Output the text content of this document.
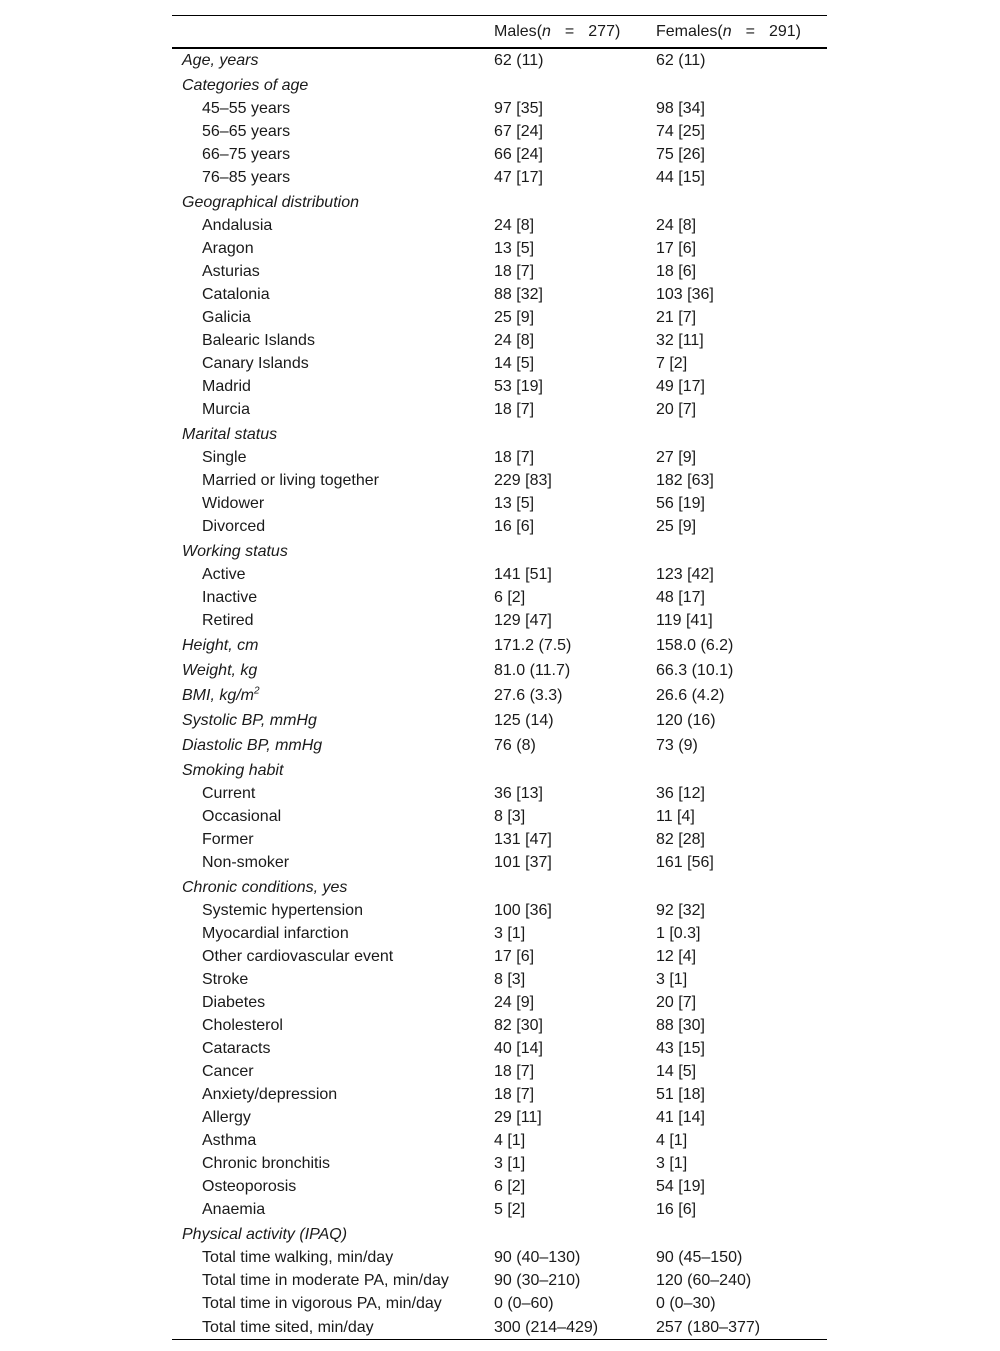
	Males(n = 277)	Females(n = 291)
Age, years	62 (11)	62 (11)
Categories of age		
45–55 years	97 [35]	98 [34]
56–65 years	67 [24]	74 [25]
66–75 years	66 [24]	75 [26]
76–85 years	47 [17]	44 [15]
Geographical distribution		
Andalusia	24 [8]	24 [8]
Aragon	13 [5]	17 [6]
Asturias	18 [7]	18 [6]
Catalonia	88 [32]	103 [36]
Galicia	25 [9]	21 [7]
Balearic Islands	24 [8]	32 [11]
Canary Islands	14 [5]	7 [2]
Madrid	53 [19]	49 [17]
Murcia	18 [7]	20 [7]
Marital status		
Single	18 [7]	27 [9]
Married or living together	229 [83]	182 [63]
Widower	13 [5]	56 [19]
Divorced	16 [6]	25 [9]
Working status		
Active	141 [51]	123 [42]
Inactive	6 [2]	48 [17]
Retired	129 [47]	119 [41]
Height, cm	171.2 (7.5)	158.0 (6.2)
Weight, kg	81.0 (11.7)	66.3 (10.1)
BMI, $kg/m^2$	27.6 (3.3)	26.6 (4.2)
Systolic BP, mmHg	125 (14)	120 (16)
Diastolic BP, mmHg	76 (8)	73 (9)
Smoking habit		
Current	36 [13]	36 [12]
Occasional	8 [3]	11 [4]
Former	131 [47]	82 [28]
Non-smoker	101 [37]	161 [56]
Chronic conditions, yes		
Systemic hypertension	100 [36]	92 [32]
Myocardial infarction	3 [1]	1 [0.3]
Other cardiovascular event	17 [6]	12 [4]
Stroke	8 [3]	3 [1]
Diabetes	24 [9]	20 [7]
Cholesterol	82 [30]	88 [30]
Cataracts	40 [14]	43 [15]
Cancer	18 [7]	14 [5]
Anxiety/depression	18 [7]	51 [18]
Allergy	29 [11]	41 [14]
Asthma	4 [1]	4 [1]
Chronic bronchitis	3 [1]	3 [1]
Osteoporosis	6 [2]	54 [19]
Anaemia	5 [2]	16 [6]
Physical activity (IPAQ)		
Total time walking, min/day	90 (40–130)	90 (45–150)
Total time in moderate PA, min/day	90 (30–210)	120 (60–240)
Total time in vigorous PA, min/day	0 (0–60)	0 (0–30)
Total time sited, min/day	300 (214–429)	257 (180–377)
